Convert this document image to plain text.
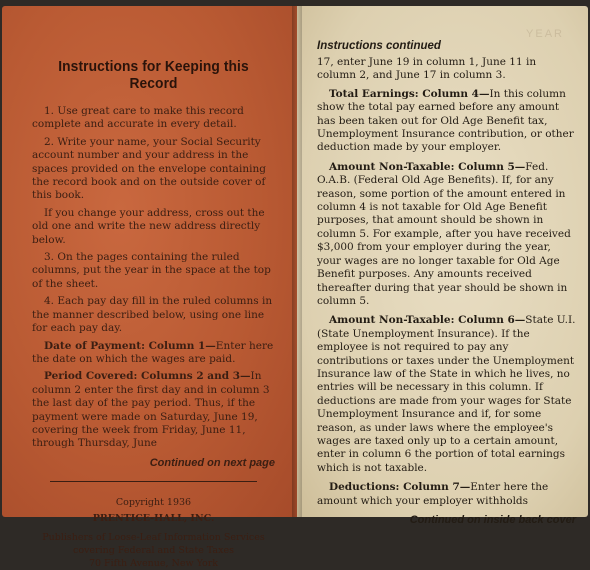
Instructions for Keeping this Record

1. Use great care to make this record complete and accurate in every detail.

2. Write your name, your Social Security account number and your address in the spaces provided on the envelope containing the record book and on the outside cover of this book.

If you change your address, cross out the old one and write the new address directly below.

3. On the pages containing the ruled columns, put the year in the space at the top of the sheet.

4. Each pay day fill in the ruled columns in the manner described below, using one line for each pay day.

Date of Payment: Column 1—Enter here the date on which the wages are paid.

Period Covered: Columns 2 and 3—In column 2 enter the first day and in column 3 the last day of the pay period. Thus, if the payment were made on Saturday, June 19, covering the week from Friday, June 11, through Thursday, June

Continued on next page

Copyright 1936
PRENTICE-HALL, INC.
Publishers of Loose-Leaf Information Services
covering Federal and State Taxes
70 Fifth Avenue, New York
YEAR

Instructions continued

17, enter June 19 in column 1, June 11 in column 2, and June 17 in column 3.

Total Earnings: Column 4—In this column show the total pay earned before any amount has been taken out for Old Age Benefit tax, Unemployment Insurance contribution, or other deduction made by your employer.

Amount Non-Taxable: Column 5—Fed. O.A.B. (Federal Old Age Benefits). If, for any reason, some portion of the amount entered in column 4 is not taxable for Old Age Benefit purposes, that amount should be shown in column 5. For example, after you have received $3,000 from your employer during the year, your wages are no longer taxable for Old Age Benefit purposes. Any amounts received thereafter during that year should be shown in column 5.

Amount Non-Taxable: Column 6—State U.I. (State Unemployment Insurance). If the employee is not required to pay any contributions or taxes under the Unemployment Insurance law of the State in which he lives, no entries will be necessary in this column. If deductions are made from your wages for State Unemployment Insurance and if, for some reason, as under laws where the employee's wages are taxed only up to a certain amount, enter in column 6 the portion of total earnings which is not taxable.

Deductions: Column 7—Enter here the amount which your employer withholds

Continued on inside back cover
